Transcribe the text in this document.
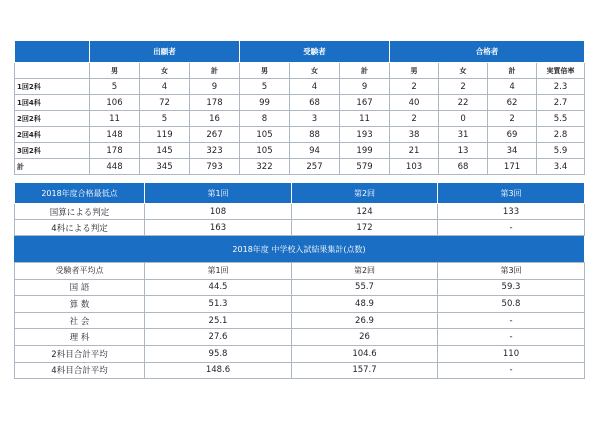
	出願者			受験者			合格者			
	男	女	計	男	女	計	男	女	計	実質倍率
1回2科	5	4	9	5	4	9	2	2	4	2.3
1回4科	106	72	178	99	68	167	40	22	62	2.7
2回2科	11	5	16	8	3	11	2	0	2	5.5
2回4科	148	119	267	105	88	193	38	31	69	2.8
3回2科	178	145	323	105	94	199	21	13	34	5.9
計	448	345	793	322	257	579	103	68	171	3.4
2018年度合格最低点	第1回	第2回	第3回
国算による判定	108	124	133
4科による判定	163	172	-
2018年度 中学校入試結果集計(点数)
受験者平均点	第1回	第2回	第3回
国 語	44.5	55.7	59.3
算 数	51.3	48.9	50.8
社 会	25.1	26.9	-
理 科	27.6	26	-
2科目合計平均	95.8	104.6	110
4科目合計平均	148.6	157.7	-
